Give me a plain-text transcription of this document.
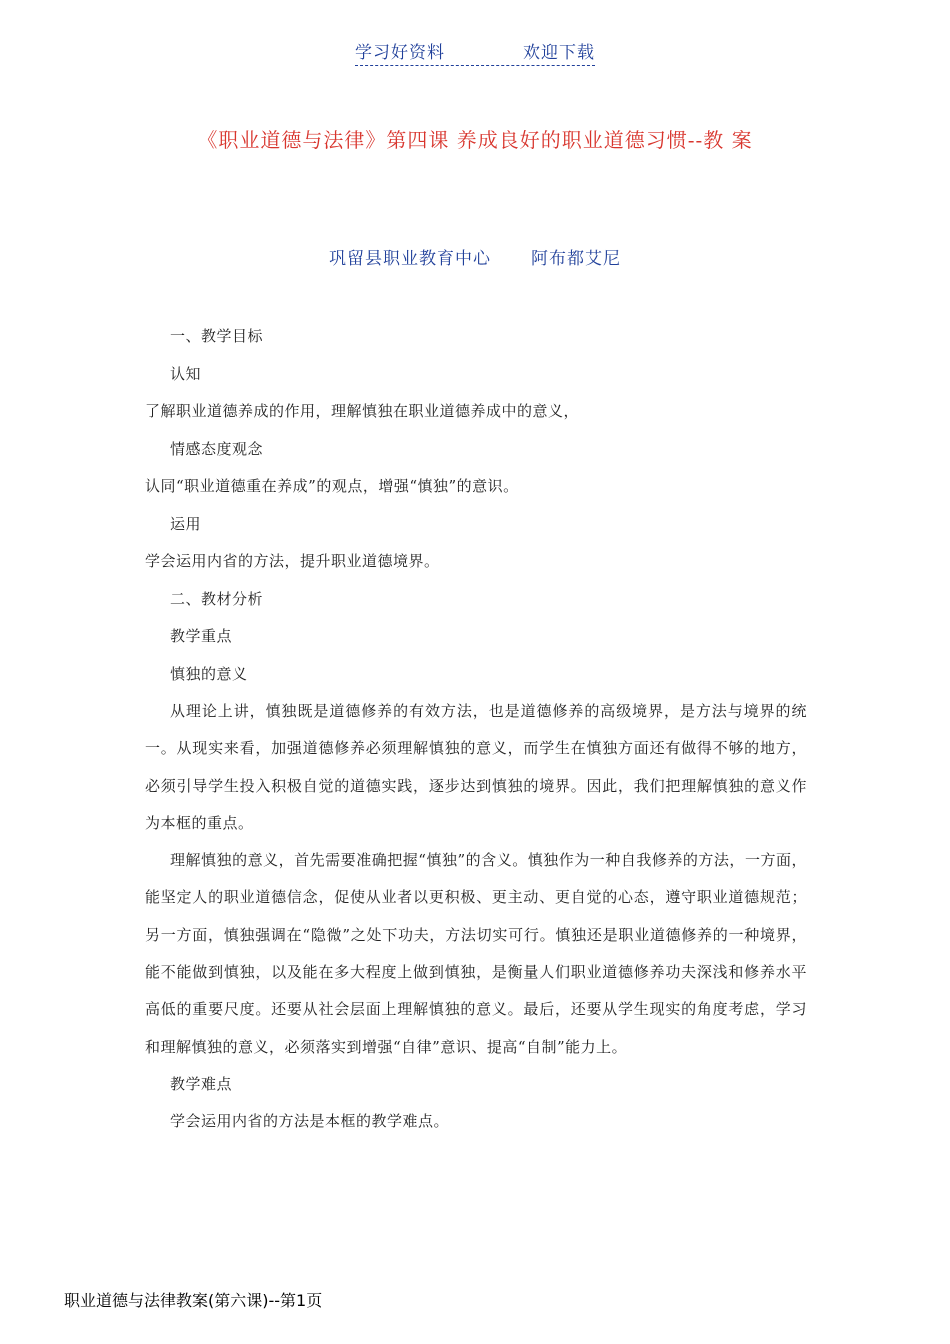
学习好资料	欢迎下载
《职业道德与法律》第四课 养成良好的职业道德习惯--教 案
巩留县职业教育中心 阿布都艾尼
一、教学目标
认知
了解职业道德养成的作用，理解慎独在职业道德养成中的意义，
情感态度观念
认同“职业道德重在养成”的观点，增强“慎独”的意识。
运用
学会运用内省的方法，提升职业道德境界。
二、教材分析
教学重点
慎独的意义
从理论上讲，慎独既是道德修养的有效方法，也是道德修养的高级境界，是方法与境界的统一。从现实来看，加强道德修养必须理解慎独的意义，而学生在慎独方面还有做得不够的地方，必须引导学生投入积极自觉的道德实践，逐步达到慎独的境界。因此，我们把理解慎独的意义作为本框的重点。
理解慎独的意义，首先需要准确把握“慎独”的含义。慎独作为一种自我修养的方法，一方面，能坚定人的职业道德信念，促使从业者以更积极、更主动、更自觉的心态，遵守职业道德规范；另一方面，慎独强调在“隐微”之处下功夫，方法切实可行。慎独还是职业道德修养的一种境界，能不能做到慎独，以及能在多大程度上做到慎独，是衡量人们职业道德修养功夫深浅和修养水平高低的重要尺度。还要从社会层面上理解慎独的意义。最后，还要从学生现实的角度考虑，学习和理解慎独的意义，必须落实到增强“自律”意识、提高“自制”能力上。
教学难点
学会运用内省的方法是本框的教学难点。
职业道德与法律教案(第六课)--第1页
